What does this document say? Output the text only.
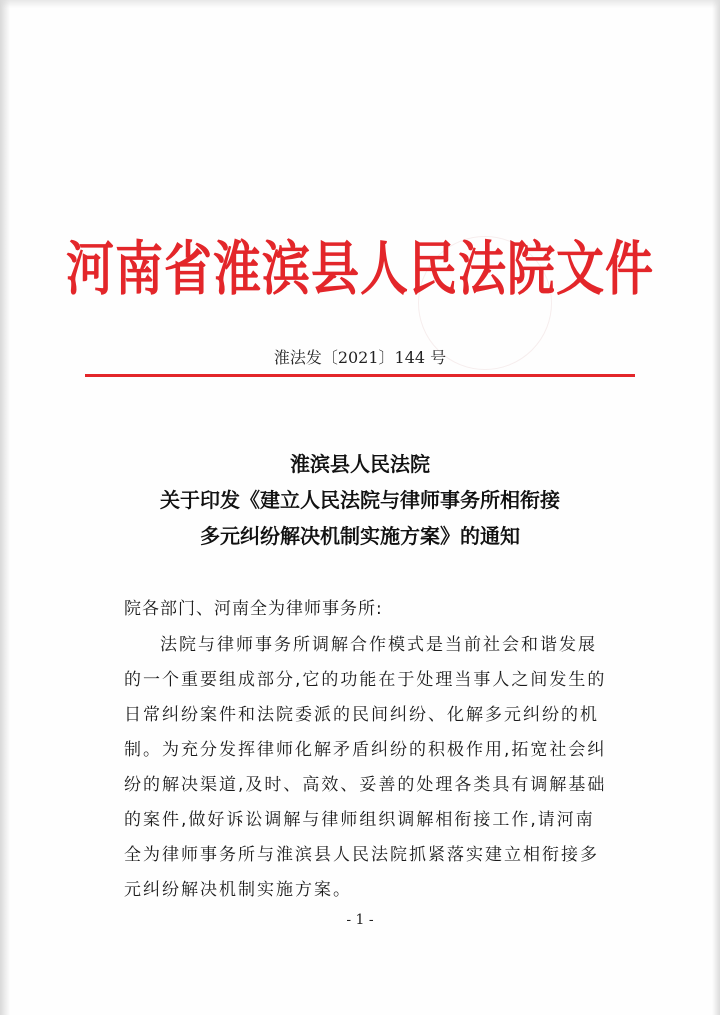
河南省淮滨县人民法院文件
淮法发〔2021〕144 号
淮滨县人民法院
关于印发《建立人民法院与律师事务所相衔接
多元纠纷解决机制实施方案》的通知
院各部门、河南全为律师事务所:
法院与律师事务所调解合作模式是当前社会和谐发展
的一个重要组成部分,它的功能在于处理当事人之间发生的
日常纠纷案件和法院委派的民间纠纷、化解多元纠纷的机
制。为充分发挥律师化解矛盾纠纷的积极作用,拓宽社会纠
纷的解决渠道,及时、高效、妥善的处理各类具有调解基础
的案件,做好诉讼调解与律师组织调解相衔接工作,请河南
全为律师事务所与淮滨县人民法院抓紧落实建立相衔接多
元纠纷解决机制实施方案。
- 1 -
